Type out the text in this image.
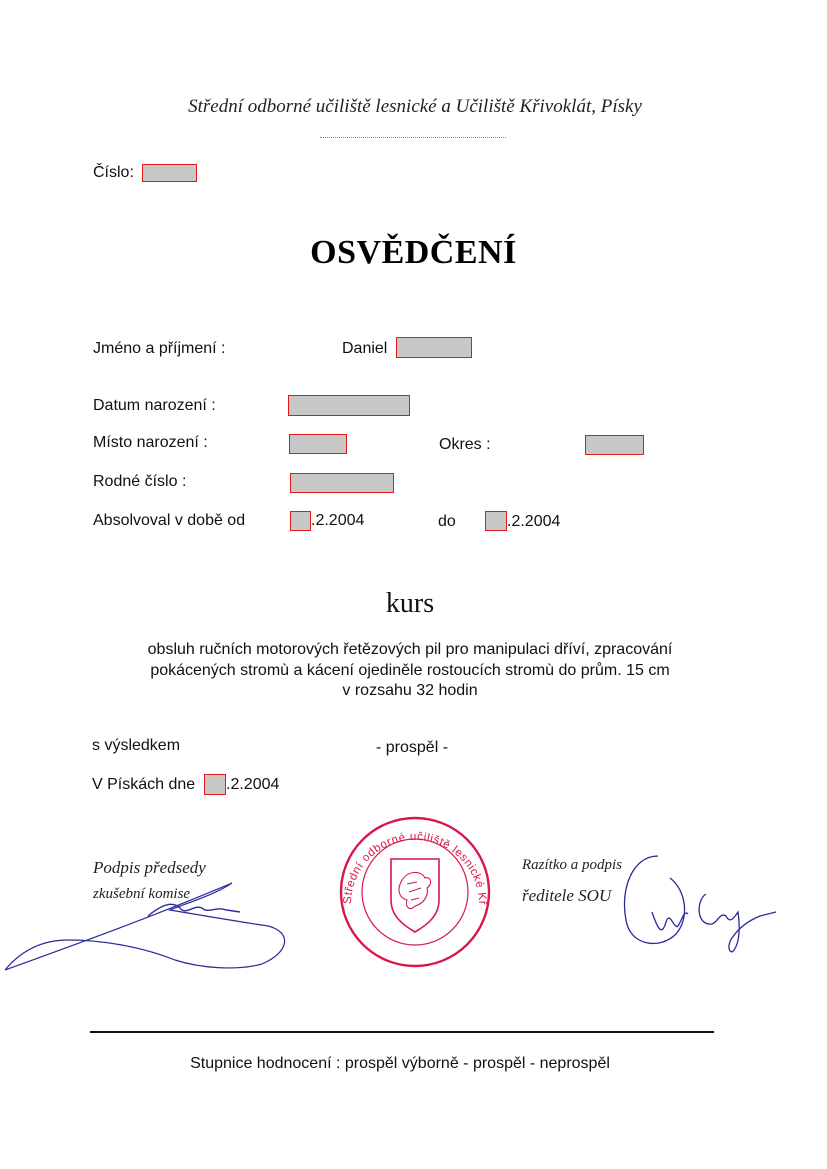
Střední odborné učiliště lesnické a Učiliště Křivoklát, Písky
Číslo:
OSVĚDČENÍ
Jméno a příjmení :	Daniel
Datum narození :
Místo narození :	Okres :
Rodné číslo :
Absolvoval v době od	.2.2004	do	.2.2004
kurs
obsluh ručních motorových řetězových pil pro manipulaci dříví, zpracování
pokácených stromù a kácení ojediněle rostoucích stromù do prům. 15 cm
v rozsahu 32 hodin
s výsledkem	- prospěl -
V Pískách dne .2.2004
Podpis předsedy
zkušební komise	Střední odborné učiliště lesnické Křivoklát, Písky 181
Razítko a podpis
ředitele SOU
Stupnice hodnocení : prospěl výborně - prospěl - neprospěl
